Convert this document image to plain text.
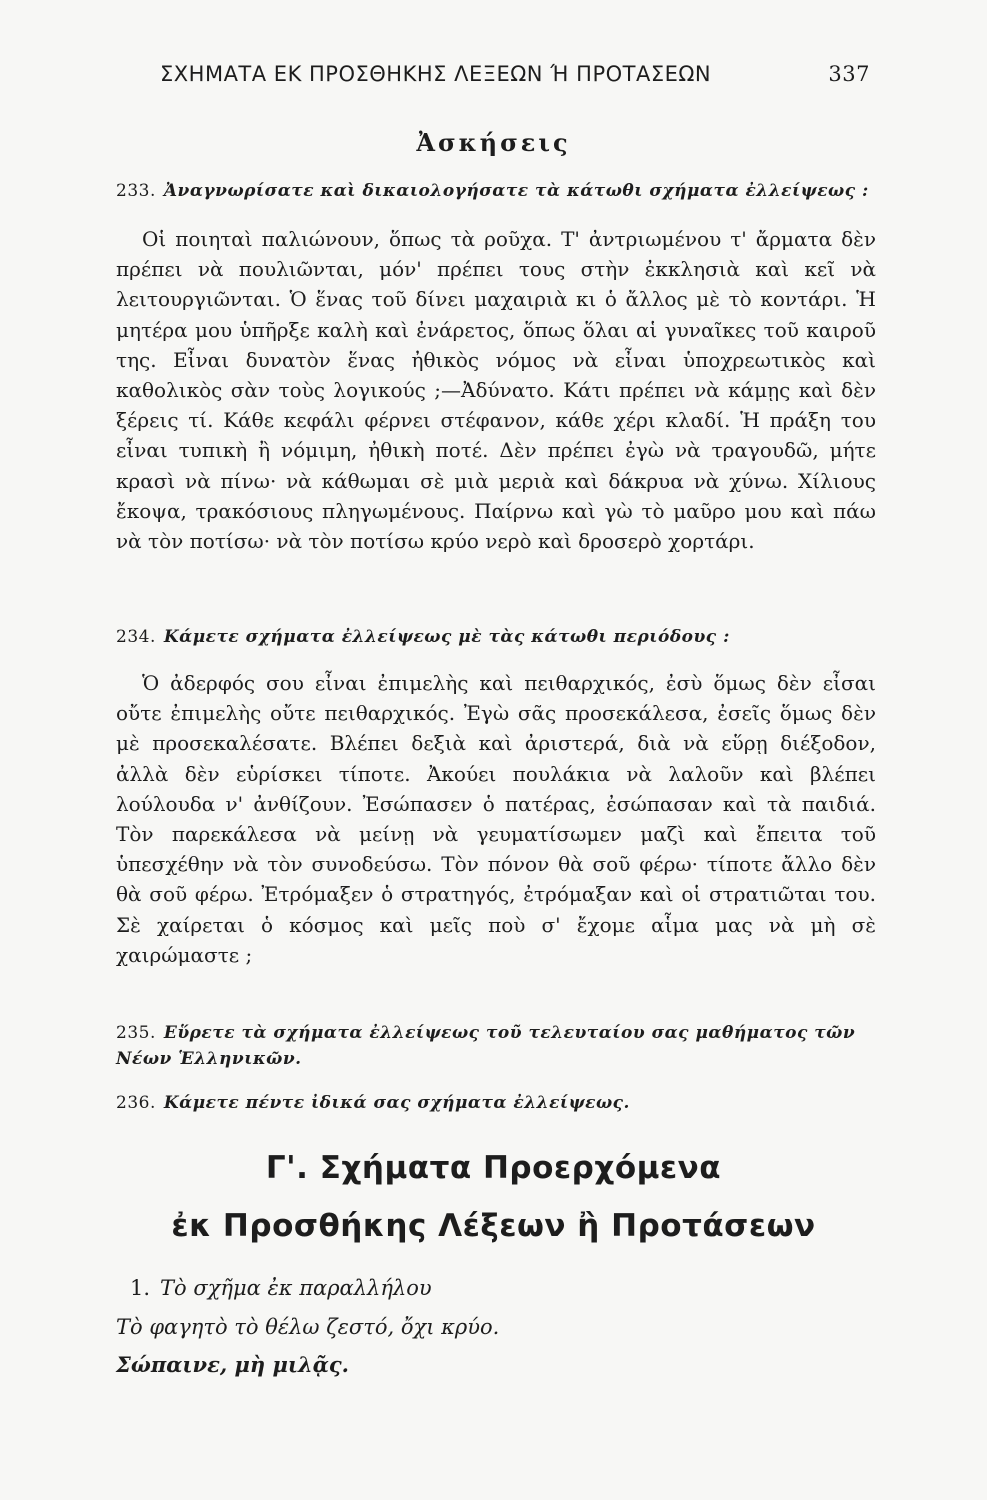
ΣΧΗΜΑΤΑ ΕΚ ΠΡΟΣΘΗΚΗΣ ΛΕΞΕΩΝ Ή ΠΡΟΤΑΣΕΩΝ	337
Ἀσκήσεις
233. Ἀναγνωρίσατε καὶ δικαιολογήσατε τὰ κάτωθι σχήματα ἐλλείψεως :

Οἱ ποιηταὶ παλιώνουν, ὅπως τὰ ροῦχα. Τ' ἀντριωμένου τ' ἄρματα δὲν πρέπει νὰ πουλιῶνται, μόν' πρέπει τους στὴν ἐκκλησιὰ καὶ κεῖ νὰ λειτουργιῶνται. Ὁ ἕνας τοῦ δίνει μαχαιριὰ κι ὁ ἄλλος μὲ τὸ κοντάρι. Ἡ μητέρα μου ὑπῆρξε καλὴ καὶ ἐνάρετος, ὅπως ὅλαι αἱ γυναῖκες τοῦ καιροῦ της. Εἶναι δυνατὸν ἕνας ἠθικὸς νόμος νὰ εἶναι ὑποχρεωτικὸς καὶ καθολικὸς σὰν τοὺς λογικούς ;—Ἀδύνατο. Κάτι πρέπει νὰ κάμῃς καὶ δὲν ξέρεις τί. Κάθε κεφάλι φέρνει στέφανον, κάθε χέρι κλαδί. Ἡ πράξη του εἶναι τυπικὴ ἢ νόμιμη, ἠθικὴ ποτέ. Δὲν πρέπει ἐγὼ νὰ τραγουδῶ, μήτε κρασὶ νὰ πίνω· νὰ κάθωμαι σὲ μιὰ μεριὰ καὶ δάκρυα νὰ χύνω. Χίλιους ἔκοψα, τρακόσιους πληγωμένους. Παίρνω καὶ γὼ τὸ μαῦρο μου καὶ πάω νὰ τὸν ποτίσω· νὰ τὸν ποτίσω κρύο νερὸ καὶ δροσερὸ χορτάρι.

234. Κάμετε σχήματα ἐλλείψεως μὲ τὰς κάτωθι περιόδους :

Ὁ ἀδερφός σου εἶναι ἐπιμελὴς καὶ πειθαρχικός, ἐσὺ ὅμως δὲν εἶσαι οὔτε ἐπιμελὴς οὔτε πειθαρχικός. Ἐγὼ σᾶς προσεκάλεσα, ἐσεῖς ὅμως δὲν μὲ προσεκαλέσατε. Βλέπει δεξιὰ καὶ ἀριστερά, διὰ νὰ εὕρῃ διέξοδον, ἀλλὰ δὲν εὑρίσκει τίποτε. Ἀκούει πουλάκια νὰ λαλοῦν καὶ βλέπει λούλουδα ν' ἀνθίζουν. Ἐσώπασεν ὁ πατέρας, ἐσώπασαν καὶ τὰ παιδιά. Τὸν παρεκάλεσα νὰ μείνῃ νὰ γευματίσωμεν μαζὶ καὶ ἔπειτα τοῦ ὑπεσχέθην νὰ τὸν συνοδεύσω. Τὸν πόνον θὰ σοῦ φέρω· τίποτε ἄλλο δὲν θὰ σοῦ φέρω. Ἐτρόμαξεν ὁ στρατηγός, ἐτρόμαξαν καὶ οἱ στρατιῶται του. Σὲ χαίρεται ὁ κόσμος καὶ μεῖς ποὺ σ' ἔχομε αἷμα μας νὰ μὴ σὲ χαιρώμαστε ;

235. Εὕρετε τὰ σχήματα ἐλλείψεως τοῦ τελευταίου σας μαθήματος τῶν Νέων Ἑλληνικῶν.
236. Κάμετε πέντε ἰδικά σας σχήματα ἐλλείψεως.
Γ'. Σχήματα Προερχόμενα
ἐκ Προσθήκης Λέξεων ἢ Προτάσεων
1. Τὸ σχῆμα ἐκ παραλλήλου
Τὸ φαγητὸ τὸ θέλω ζεστό, ὄχι κρύο.
Σώπαινε, μὴ μιλᾷς.
